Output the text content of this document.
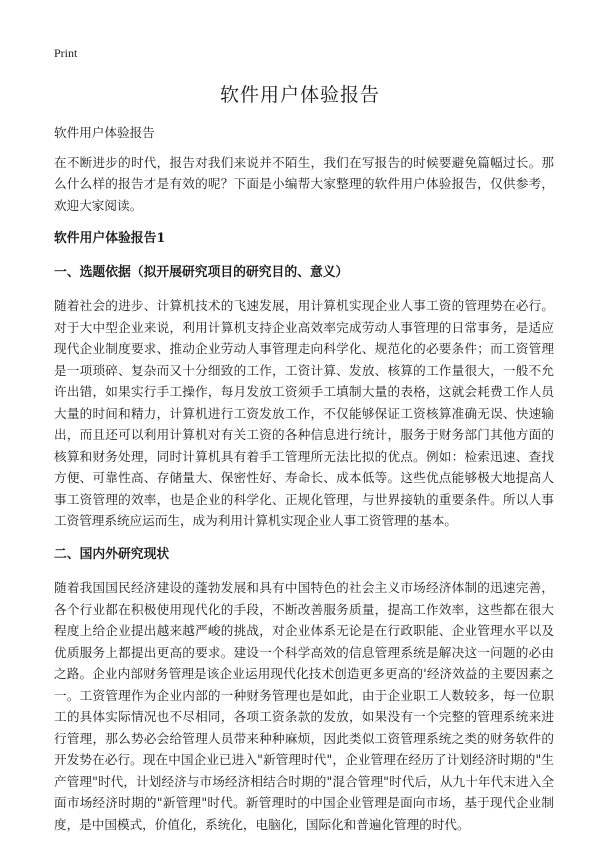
Print
软件用户体验报告

软件用户体验报告

在不断进步的时代，报告对我们来说并不陌生，我们在写报告的时候要避免篇幅过长。那么什么样的报告才是有效的呢？下面是小编帮大家整理的软件用户体验报告，仅供参考，欢迎大家阅读。

软件用户体验报告1

一、选题依据（拟开展研究项目的研究目的、意义）

随着社会的进步、计算机技术的飞速发展，用计算机实现企业人事工资的管理势在必行。对于大中型企业来说，利用计算机支持企业高效率完成劳动人事管理的日常事务，是适应现代企业制度要求、推动企业劳动人事管理走向科学化、规范化的必要条件；而工资管理是一项琐碎、复杂而又十分细致的工作，工资计算、发放、核算的工作量很大，一般不允许出错，如果实行手工操作，每月发放工资须手工填制大量的表格，这就会耗费工作人员大量的时间和精力，计算机进行工资发放工作，不仅能够保证工资核算准确无误、快速输出，而且还可以利用计算机对有关工资的各种信息进行统计，服务于财务部门其他方面的核算和财务处理，同时计算机具有着手工管理所无法比拟的优点。例如：检索迅速、查找方便、可靠性高、存储量大、保密性好、寿命长、成本低等。这些优点能够极大地提高人事工资管理的效率，也是企业的科学化、正规化管理，与世界接轨的重要条件。所以人事工资管理系统应运而生，成为利用计算机实现企业人事工资管理的基本。

二、国内外研究现状

随着我国国民经济建设的蓬勃发展和具有中国特色的社会主义市场经济体制的迅速完善，各个行业都在积极使用现代化的手段，不断改善服务质量，提高工作效率，这些都在很大程度上给企业提出越来越严峻的挑战，对企业体系无论是在行政职能、企业管理水平以及优质服务上都提出更高的要求。建设一个科学高效的信息管理系统是解决这一问题的必由之路。企业内部财务管理是该企业运用现代化技术创造更多更高的'经济效益的主要因素之一。工资管理作为企业内部的一种财务管理也是如此，由于企业职工人数较多，每一位职工的具体实际情况也不尽相同，各项工资条款的发放，如果没有一个完整的管理系统来进行管理，那么势必会给管理人员带来种种麻烦，因此类似工资管理系统之类的财务软件的开发势在必行。现在中国企业已进入"新管理时代"，企业管理在经历了计划经济时期的"生产管理"时代，计划经济与市场经济相结合时期的"混合管理"时代后，从九十年代末进入全面市场经济时期的"新管理"时代。新管理时的中国企业管理是面向市场，基于现代企业制度，是中国模式，价值化，系统化，电脑化，国际化和普遍化管理的时代。
